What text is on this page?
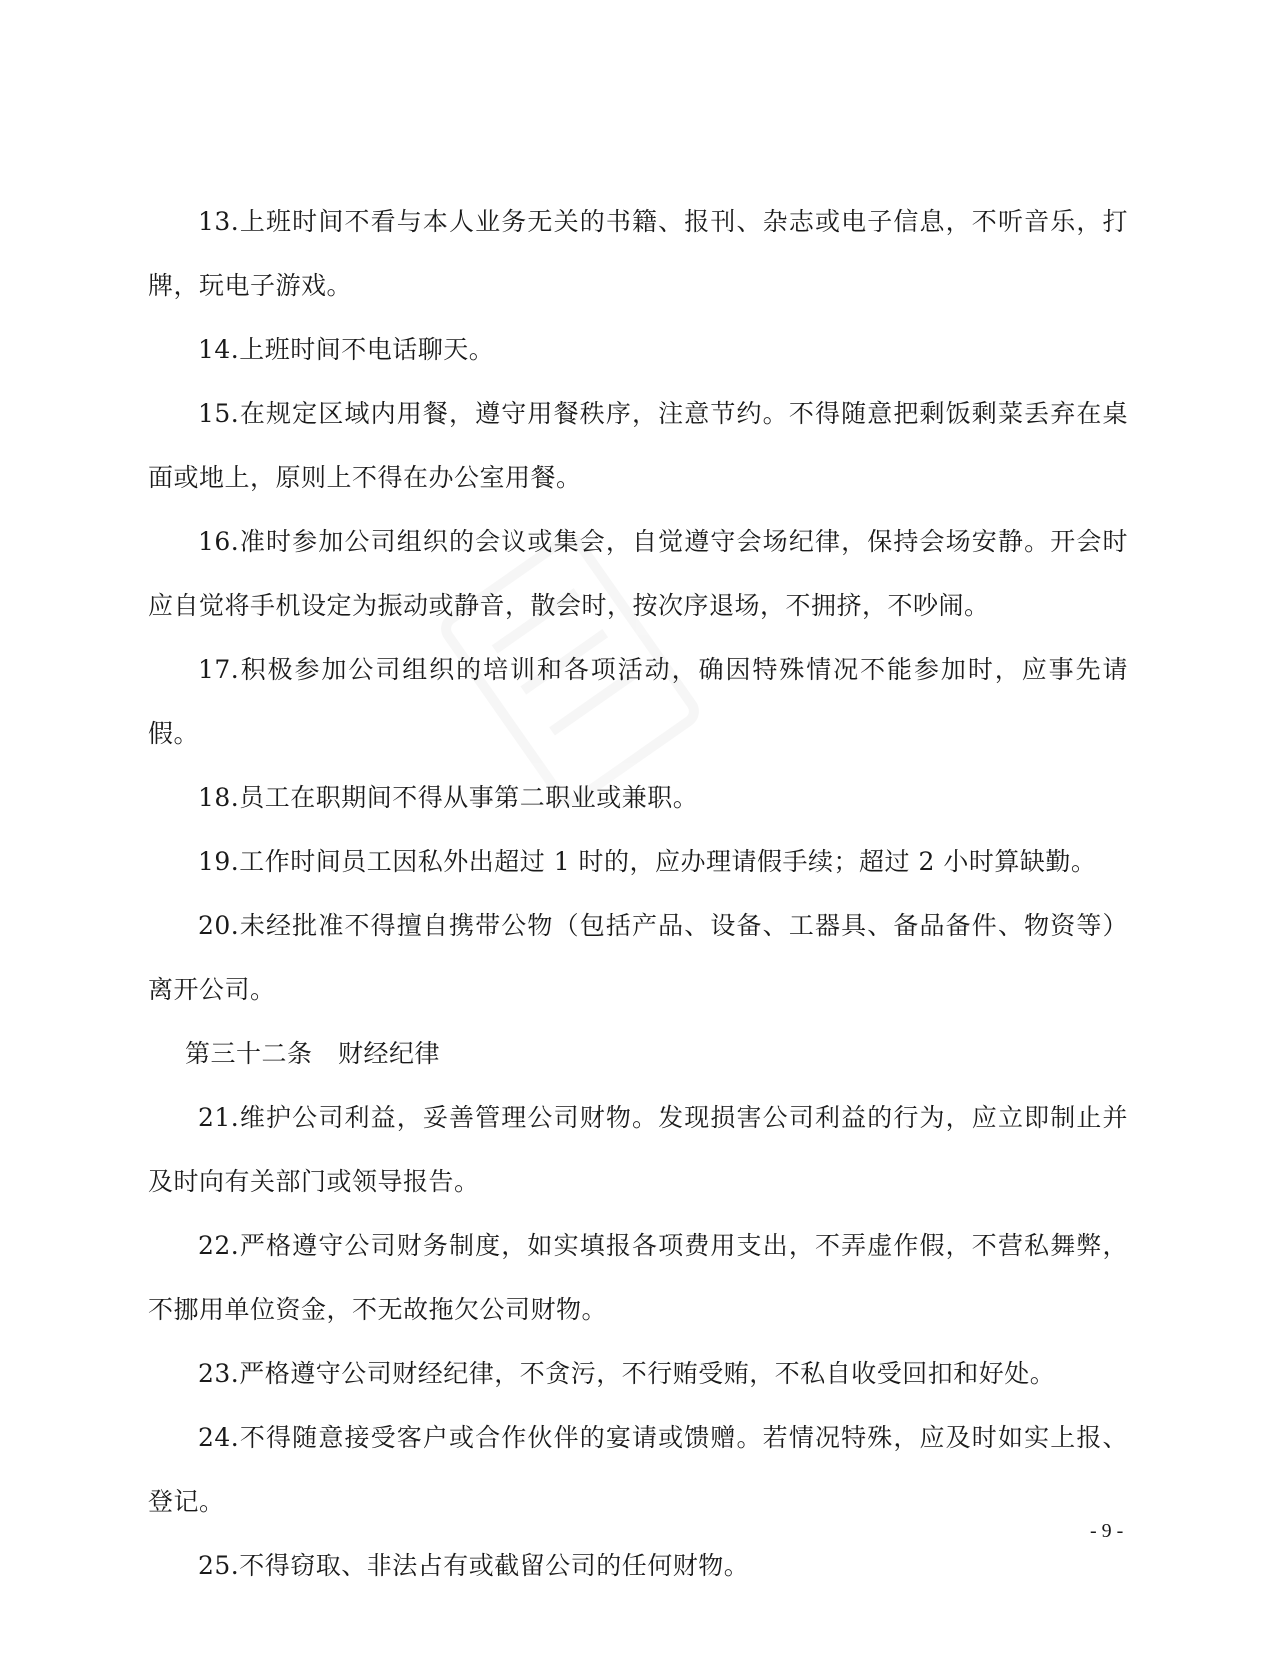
13.上班时间不看与本人业务无关的书籍、报刊、杂志或电子信息，不听音乐，打牌，玩电子游戏。

14.上班时间不电话聊天。

15.在规定区域内用餐，遵守用餐秩序，注意节约。不得随意把剩饭剩菜丢弃在桌面或地上，原则上不得在办公室用餐。

16.准时参加公司组织的会议或集会，自觉遵守会场纪律，保持会场安静。开会时应自觉将手机设定为振动或静音，散会时，按次序退场，不拥挤，不吵闹。

17.积极参加公司组织的培训和各项活动，确因特殊情况不能参加时，应事先请假。

18.员工在职期间不得从事第二职业或兼职。

19.工作时间员工因私外出超过 1 时的，应办理请假手续；超过 2 小时算缺勤。

20.未经批准不得擅自携带公物（包括产品、设备、工器具、备品备件、物资等）离开公司。

第三十二条　财经纪律

21.维护公司利益，妥善管理公司财物。发现损害公司利益的行为，应立即制止并及时向有关部门或领导报告。

22.严格遵守公司财务制度，如实填报各项费用支出，不弄虚作假，不营私舞弊，不挪用单位资金，不无故拖欠公司财物。

23.严格遵守公司财经纪律，不贪污，不行贿受贿，不私自收受回扣和好处。

24.不得随意接受客户或合作伙伴的宴请或馈赠。若情况特殊，应及时如实上报、登记。

25.不得窃取、非法占有或截留公司的任何财物。

- 9 -
